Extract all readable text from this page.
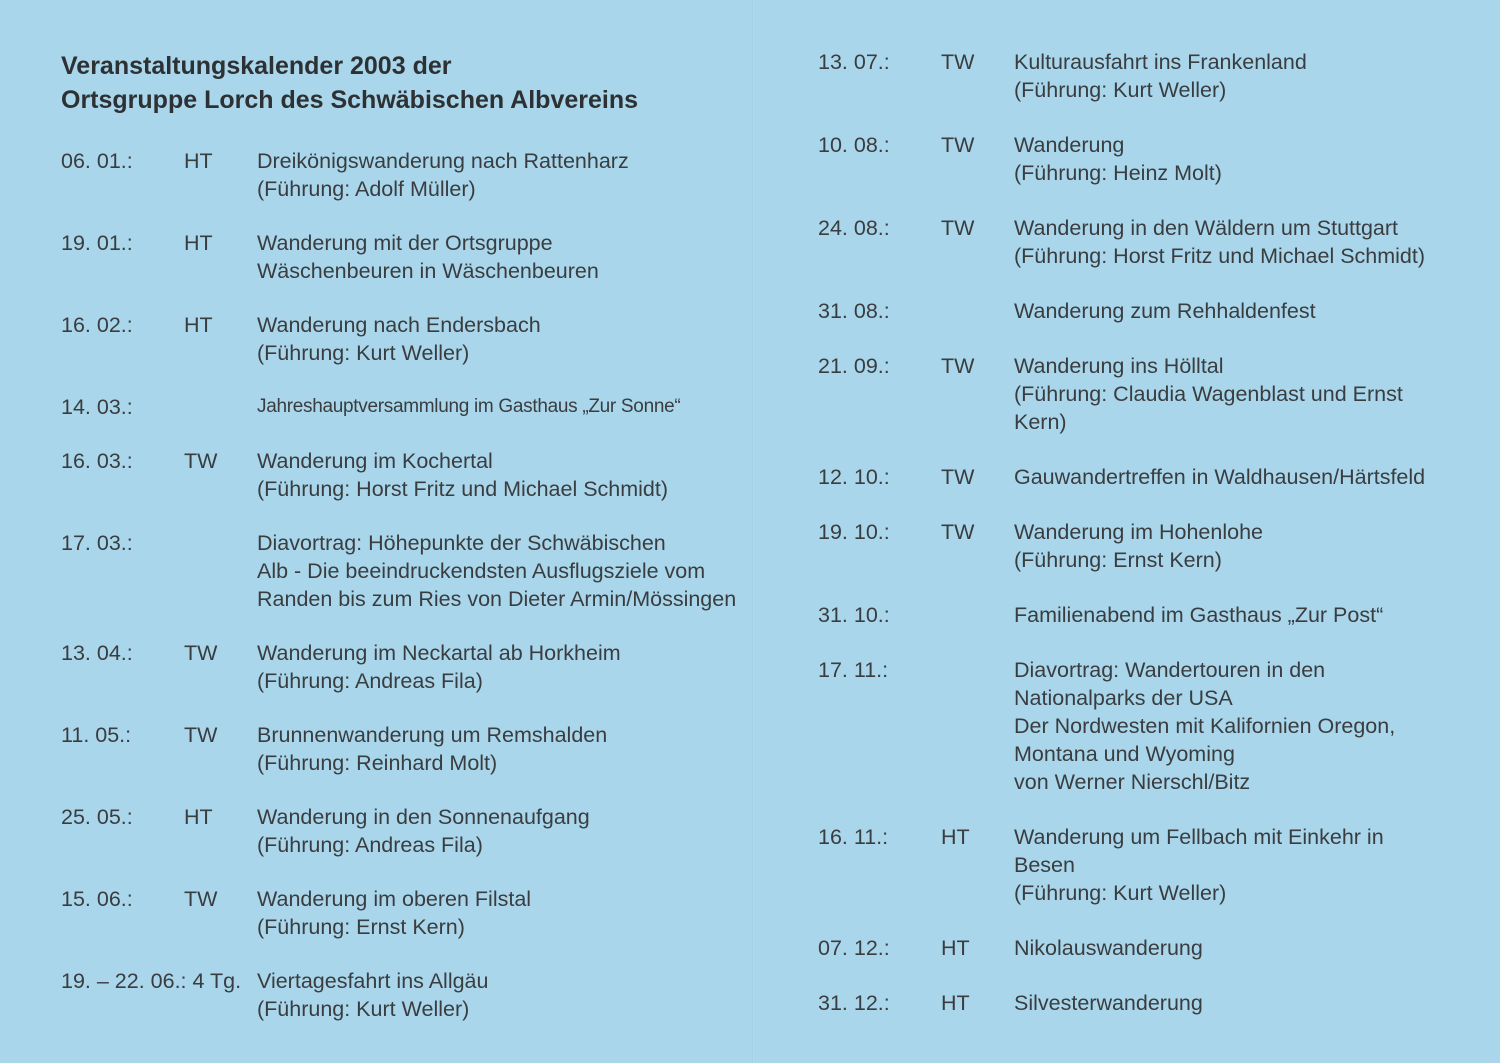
Veranstaltungskalender 2003 der
Ortsgruppe Lorch des Schwäbischen Albvereins
06. 01.: HT Dreikönigswanderung nach Rattenharz
(Führung: Adolf Müller)
19. 01.: HT Wanderung mit der Ortsgruppe
Wäschenbeuren in Wäschenbeuren
16. 02.: HT Wanderung nach Endersbach
(Führung: Kurt Weller)
14. 03.:	Jahreshauptversammlung im Gasthaus „Zur Sonne“
16. 03.: TW Wanderung im Kochertal
(Führung: Horst Fritz und Michael Schmidt)
17. 03.:	Diavortrag: Höhepunkte der Schwäbischen
Alb - Die beeindruckendsten Ausflugsziele vom
Randen bis zum Ries von Dieter Armin/Mössingen
13. 04.: TW Wanderung im Neckartal ab Horkheim
(Führung: Andreas Fila)
11. 05.: TW Brunnenwanderung um Remshalden
(Führung: Reinhard Molt)
25. 05.: HT Wanderung in den Sonnenaufgang
(Führung: Andreas Fila)
15. 06.: TW Wanderung im oberen Filstal
(Führung: Ernst Kern)
19. – 22. 06.: 4 Tg. Viertagesfahrt ins Allgäu
(Führung: Kurt Weller)
13. 07.: TW Kulturausfahrt ins Frankenland
(Führung: Kurt Weller)
10. 08.: TW Wanderung
(Führung: Heinz Molt)
24. 08.: TW Wanderung in den Wäldern um Stuttgart
(Führung: Horst Fritz und Michael Schmidt)
31. 08.:	Wanderung zum Rehhaldenfest
21. 09.: TW Wanderung ins Hölltal
(Führung: Claudia Wagenblast und Ernst
Kern)
12. 10.: TW Gauwandertreffen in Waldhausen/Härtsfeld
19. 10.: TW Wanderung im Hohenlohe
(Führung: Ernst Kern)
31. 10.:	Familienabend im Gasthaus „Zur Post“
17. 11.:	Diavortrag: Wandertouren in den
Nationalparks der USA
Der Nordwesten mit Kalifornien Oregon,
Montana und Wyoming
von Werner Nierschl/Bitz
16. 11.: HT Wanderung um Fellbach mit Einkehr in
Besen
(Führung: Kurt Weller)
07. 12.: HT Nikolauswanderung
31. 12.: HT Silvesterwanderung
